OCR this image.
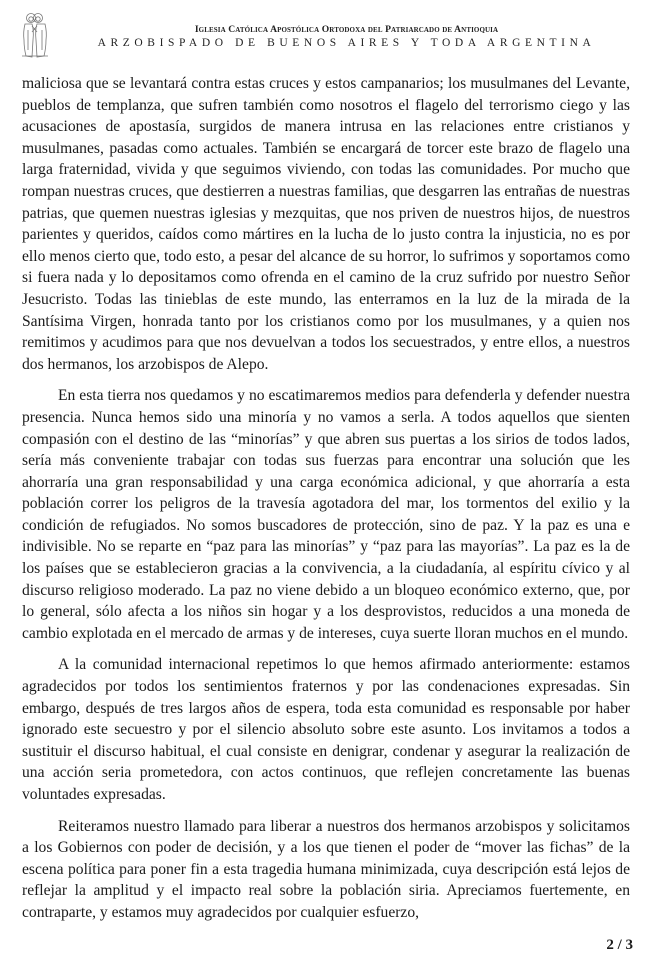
Iglesia Católica Apostólica Ortodoxa del Patriarcado de Antioquia
ARZOBISPADO DE BUENOS AIRES Y TODA ARGENTINA

maliciosa que se levantará contra estas cruces y estos campanarios; los musulmanes del Levante, pueblos de templanza, que sufren también como nosotros el flagelo del terrorismo ciego y las acusaciones de apostasía, surgidos de manera intrusa en las relaciones entre cristianos y musulmanes, pasadas como actuales. También se encargará de torcer este brazo de flagelo una larga fraternidad, vivida y que seguimos viviendo, con todas las comunidades. Por mucho que rompan nuestras cruces, que destierren a nuestras familias, que desgarren las entrañas de nuestras patrias, que quemen nuestras iglesias y mezquitas, que nos priven de nuestros hijos, de nuestros parientes y queridos, caídos como mártires en la lucha de lo justo contra la injusticia, no es por ello menos cierto que, todo esto, a pesar del alcance de su horror, lo sufrimos y soportamos como si fuera nada y lo depositamos como ofrenda en el camino de la cruz sufrido por nuestro Señor Jesucristo. Todas las tinieblas de este mundo, las enterramos en la luz de la mirada de la Santísima Virgen, honrada tanto por los cristianos como por los musulmanes, y a quien nos remitimos y acudimos para que nos devuelvan a todos los secuestrados, y entre ellos, a nuestros dos hermanos, los arzobispos de Alepo.

En esta tierra nos quedamos y no escatimaremos medios para defenderla y defender nuestra presencia. Nunca hemos sido una minoría y no vamos a serla. A todos aquellos que sienten compasión con el destino de las “minorías” y que abren sus puertas a los sirios de todos lados, sería más conveniente trabajar con todas sus fuerzas para encontrar una solución que les ahorraría una gran responsabilidad y una carga económica adicional, y que ahorraría a esta población correr los peligros de la travesía agotadora del mar, los tormentos del exilio y la condición de refugiados. No somos buscadores de protección, sino de paz. Y la paz es una e indivisible. No se reparte en “paz para las minorías” y “paz para las mayorías”. La paz es la de los países que se establecieron gracias a la convivencia, a la ciudadanía, al espíritu cívico y al discurso religioso moderado. La paz no viene debido a un bloqueo económico externo, que, por lo general, sólo afecta a los niños sin hogar y a los desprovistos, reducidos a una moneda de cambio explotada en el mercado de armas y de intereses, cuya suerte lloran muchos en el mundo.

A la comunidad internacional repetimos lo que hemos afirmado anteriormente: estamos agradecidos por todos los sentimientos fraternos y por las condenaciones expresadas. Sin embargo, después de tres largos años de espera, toda esta comunidad es responsable por haber ignorado este secuestro y por el silencio absoluto sobre este asunto. Los invitamos a todos a sustituir el discurso habitual, el cual consiste en denigrar, condenar y asegurar la realización de una acción seria prometedora, con actos continuos, que reflejen concretamente las buenas voluntades expresadas.

Reiteramos nuestro llamado para liberar a nuestros dos hermanos arzobispos y solicitamos a los Gobiernos con poder de decisión, y a los que tienen el poder de “mover las fichas” de la escena política para poner fin a esta tragedia humana minimizada, cuya descripción está lejos de reflejar la amplitud y el impacto real sobre la población siria. Apreciamos fuertemente, en contraparte, y estamos muy agradecidos por cualquier esfuerzo,

2 / 3
